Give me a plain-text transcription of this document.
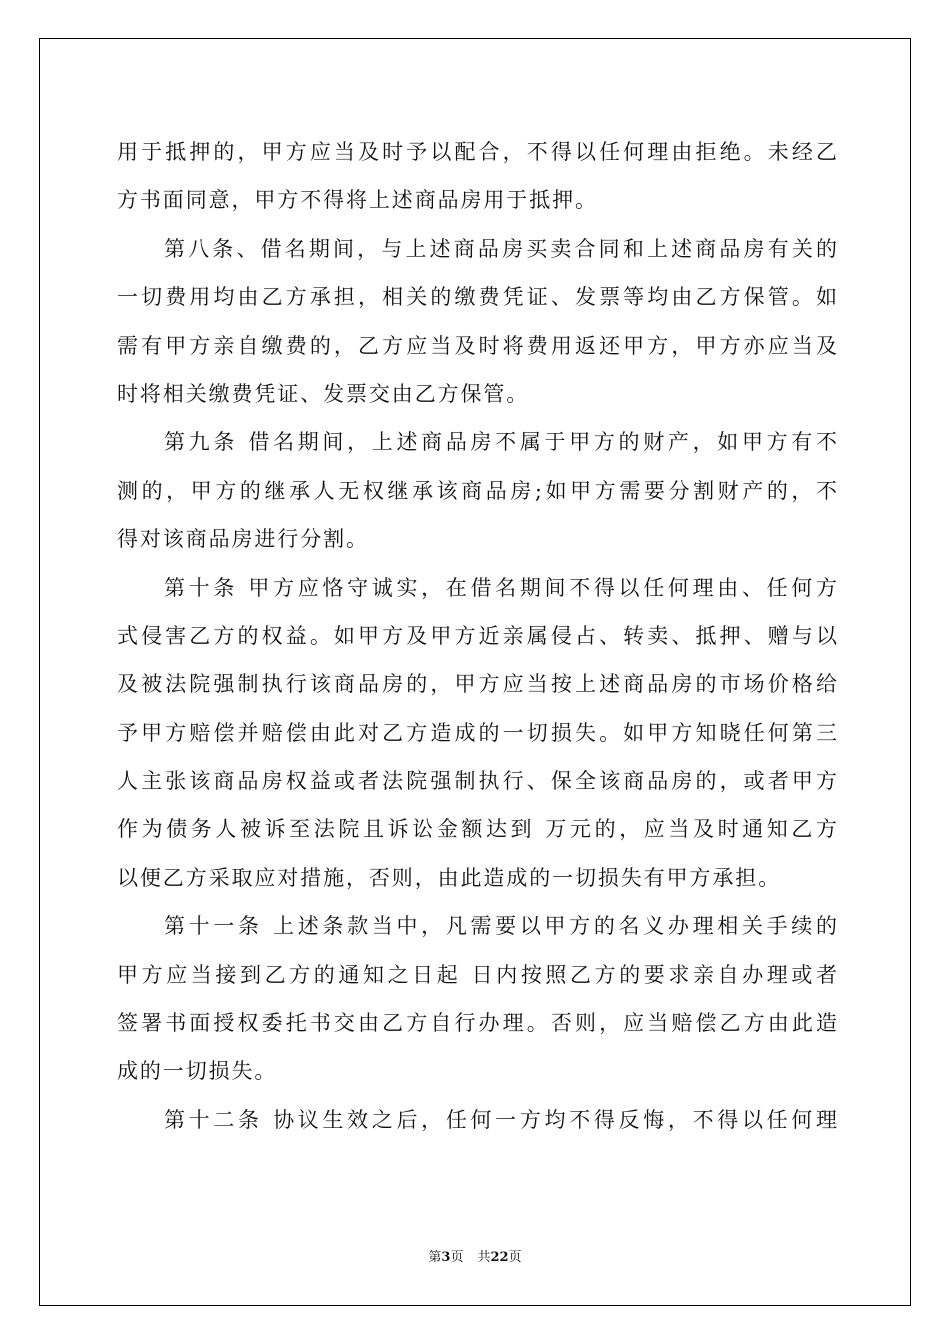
用于抵押的，甲方应当及时予以配合，不得以任何理由拒绝。未经乙
方书面同意，甲方不得将上述商品房用于抵押。
第八条、借名期间，与上述商品房买卖合同和上述商品房有关的
一切费用均由乙方承担，相关的缴费凭证、发票等均由乙方保管。如
需有甲方亲自缴费的，乙方应当及时将费用返还甲方，甲方亦应当及
时将相关缴费凭证、发票交由乙方保管。
第九条 借名期间，上述商品房不属于甲方的财产，如甲方有不
测的，甲方的继承人无权继承该商品房;如甲方需要分割财产的，不
得对该商品房进行分割。
第十条 甲方应恪守诚实，在借名期间不得以任何理由、任何方
式侵害乙方的权益。如甲方及甲方近亲属侵占、转卖、抵押、赠与以
及被法院强制执行该商品房的，甲方应当按上述商品房的市场价格给
予甲方赔偿并赔偿由此对乙方造成的一切损失。如甲方知晓任何第三
人主张该商品房权益或者法院强制执行、保全该商品房的，或者甲方
作为债务人被诉至法院且诉讼金额达到 万元的，应当及时通知乙方
以便乙方采取应对措施，否则，由此造成的一切损失有甲方承担。
第十一条 上述条款当中，凡需要以甲方的名义办理相关手续的
甲方应当接到乙方的通知之日起 日内按照乙方的要求亲自办理或者
签署书面授权委托书交由乙方自行办理。否则，应当赔偿乙方由此造
成的一切损失。
第十二条 协议生效之后，任何一方均不得反悔，不得以任何理
第3页 共22页
